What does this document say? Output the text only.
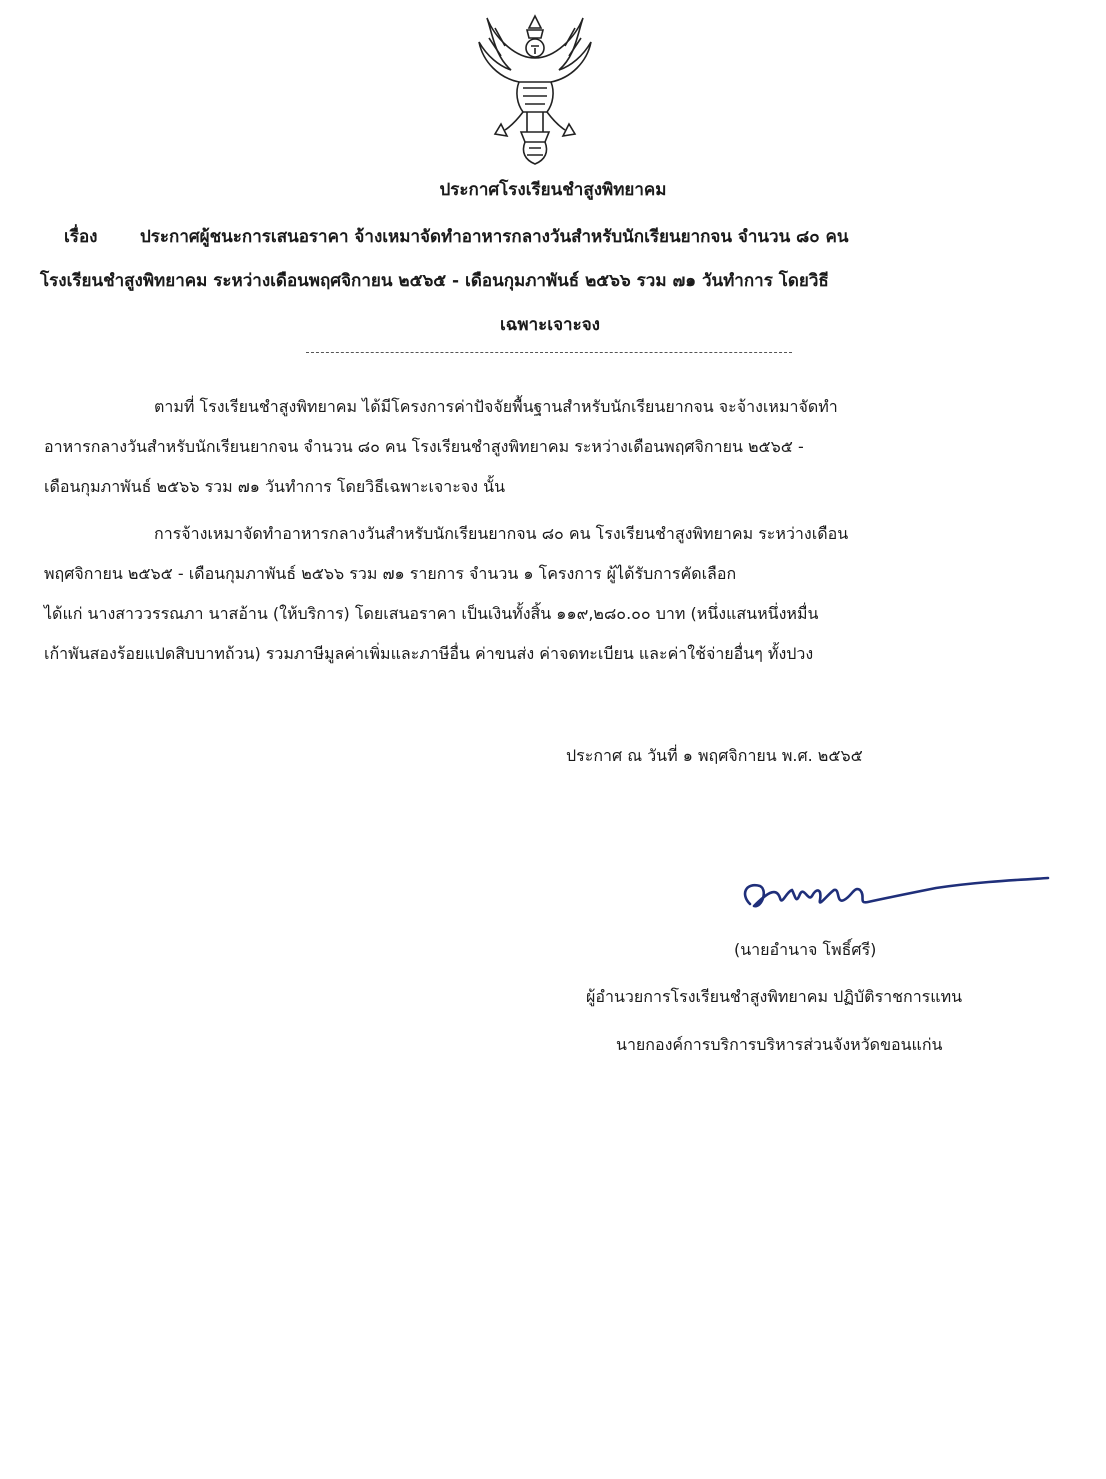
ประกาศโรงเรียนชำสูงพิทยาคม
เรื่อง	ประกาศผู้ชนะการเสนอราคา จ้างเหมาจัดทำอาหารกลางวันสำหรับนักเรียนยากจน จำนวน ๘๐ คน
โรงเรียนชำสูงพิทยาคม ระหว่างเดือนพฤศจิกายน ๒๕๖๕ - เดือนกุมภาพันธ์ ๒๕๖๖ รวม ๗๑ วันทำการ โดยวิธี
เฉพาะเจาะจง
ตามที่ โรงเรียนชำสูงพิทยาคม ได้มีโครงการค่าปัจจัยพื้นฐานสำหรับนักเรียนยากจน จะจ้างเหมาจัดทำ
อาหารกลางวันสำหรับนักเรียนยากจน จำนวน ๘๐ คน โรงเรียนชำสูงพิทยาคม ระหว่างเดือนพฤศจิกายน ๒๕๖๕ -
เดือนกุมภาพันธ์ ๒๕๖๖ รวม ๗๑ วันทำการ โดยวิธีเฉพาะเจาะจง นั้น
การจ้างเหมาจัดทำอาหารกลางวันสำหรับนักเรียนยากจน ๘๐ คน โรงเรียนชำสูงพิทยาคม ระหว่างเดือน
พฤศจิกายน ๒๕๖๕ - เดือนกุมภาพันธ์ ๒๕๖๖ รวม ๗๑ รายการ จำนวน ๑ โครงการ ผู้ได้รับการคัดเลือก
ได้แก่ นางสาววรรณภา นาสอ้าน (ให้บริการ) โดยเสนอราคา เป็นเงินทั้งสิ้น ๑๑๙,๒๘๐.๐๐ บาท (หนึ่งแสนหนึ่งหมื่น
เก้าพันสองร้อยแปดสิบบาทถ้วน) รวมภาษีมูลค่าเพิ่มและภาษีอื่น ค่าขนส่ง ค่าจดทะเบียน และค่าใช้จ่ายอื่นๆ ทั้งปวง
ประกาศ ณ วันที่ ๑ พฤศจิกายน พ.ศ. ๒๕๖๕
(นายอำนาจ โพธิ์ศรี)
ผู้อำนวยการโรงเรียนชำสูงพิทยาคม ปฏิบัติราชการแทน
นายกองค์การบริการบริหารส่วนจังหวัดขอนแก่น
